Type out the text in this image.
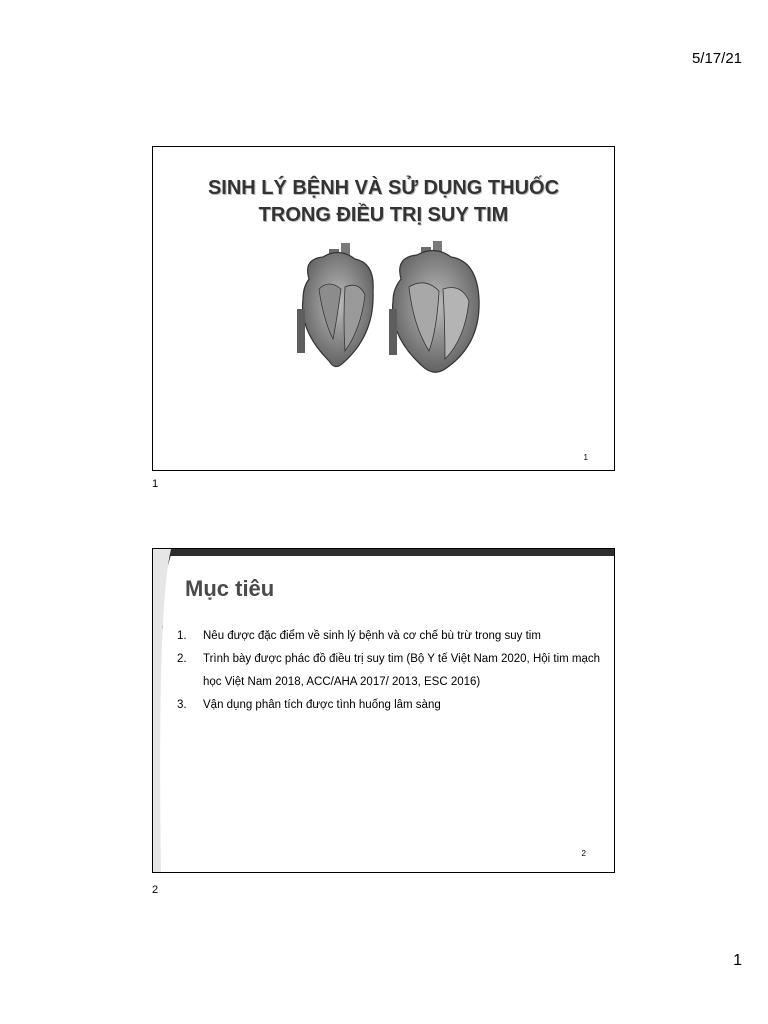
5/17/21
SINH LÝ BỆNH VÀ SỬ DỤNG THUỐC
TRONG ĐIỀU TRỊ SUY TIM
1
1
Mục tiêu
1.	Nêu được đặc điểm về sinh lý bệnh và cơ chế bù trừ trong suy tim
2.	Trình bày được phác đồ điều trị suy tim (Bộ Y tế Việt Nam 2020, Hội tim mạch học Việt Nam 2018, ACC/AHA 2017/ 2013, ESC 2016)
3.	Vận dụng phân tích được tình huống lâm sàng
2
2
1
